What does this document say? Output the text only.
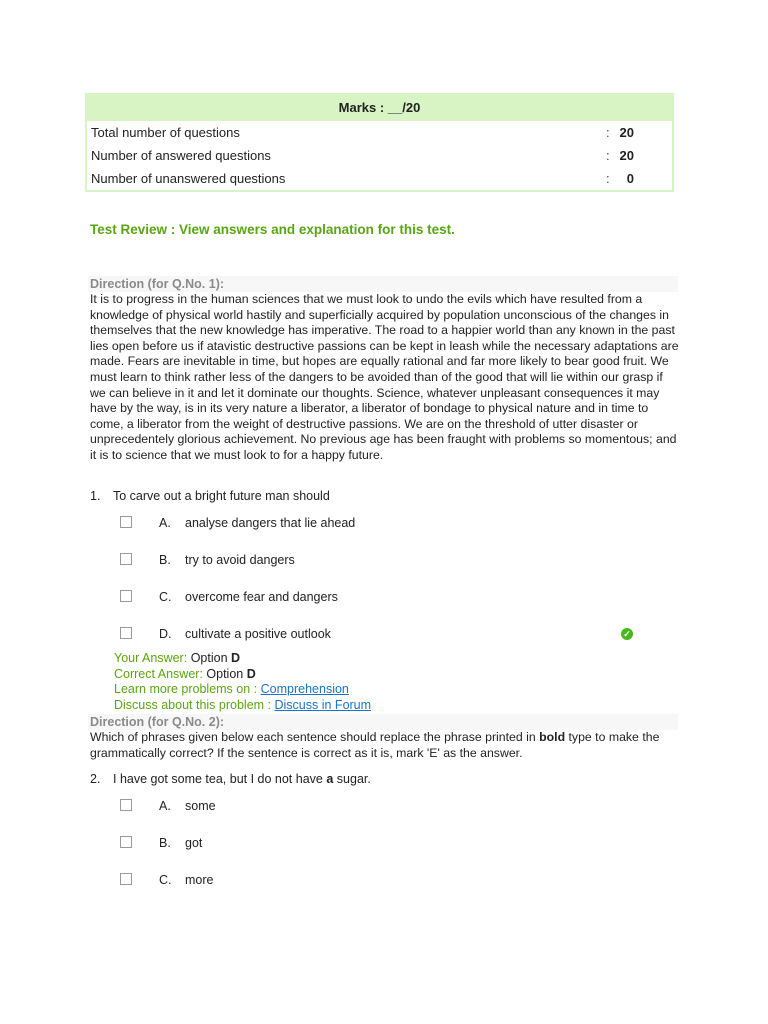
Marks : __/20
Total number of questions	: 20
Number of answered questions	: 20
Number of unanswered questions	:	0
Test Review : View answers and explanation for this test.
Direction (for Q.No. 1):

It is to progress in the human sciences that we must look to undo the evils which have resulted from a knowledge of physical world hastily and superficially acquired by population unconscious of the changes in themselves that the new knowledge has imperative. The road to a happier world than any known in the past lies open before us if atavistic destructive passions can be kept in leash while the necessary adaptations are made. Fears are inevitable in time, but hopes are equally rational and far more likely to bear good fruit. We must learn to think rather less of the dangers to be avoided than of the good that will lie within our grasp if we can believe in it and let it dominate our thoughts. Science, whatever unpleasant consequences it may have by the way, is in its very nature a liberator, a liberator of bondage to physical nature and in time to come, a liberator from the weight of destructive passions. We are on the threshold of utter disaster or unprecedentely glorious achievement. No previous age has been fraught with problems so momentous; and it is to science that we must look to for a happy future.

1. To carve out a bright future man should
A. analyse dangers that lie ahead
B. try to avoid dangers
C. overcome fear and dangers
D. cultivate a positive outlook	✓
Your Answer: Option D
Correct Answer: Option D
Learn more problems on : Comprehension
Discuss about this problem : Discuss in Forum
Direction (for Q.No. 2):

Which of phrases given below each sentence should replace the phrase printed in bold type to make the grammatically correct? If the sentence is correct as it is, mark 'E' as the answer.

2. I have got some tea, but I do not have a sugar.
A. some
B. got
C. more
